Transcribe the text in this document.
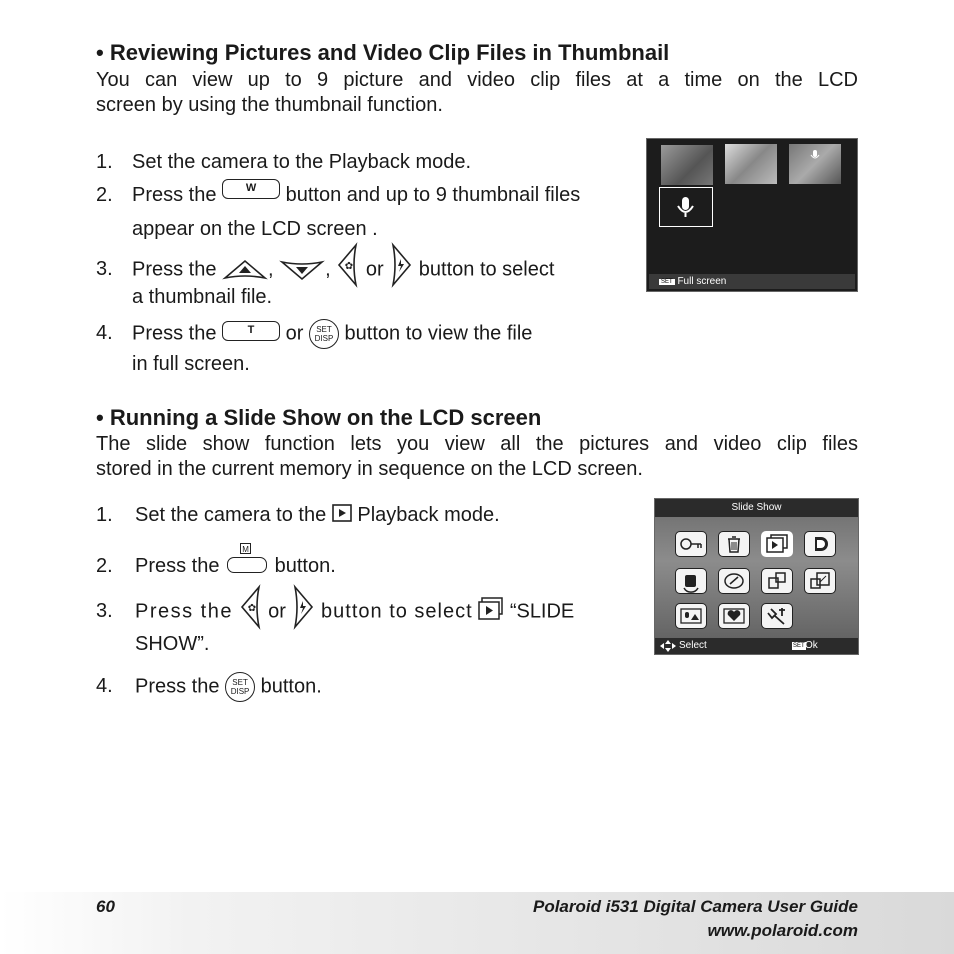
• Reviewing Pictures and Video Clip Files in Thumbnail
You can view up to 9 picture and video clip files at a time on the LCD
screen by using the thumbnail function.
1. Set the camera to the Playback mode.
2. Press the	W button and up to 9 thumbnail files
appear on the LCD screen .
3. Press the	,	, ✿ or button to select
a thumbnail file.
4. Press the	T or	SET
DISP button to view the file
in full screen.
SET Full screen
• Running a Slide Show on the LCD screen
The slide show function lets you view all the pictures and video clip files
stored in the current memory in sequence on the LCD screen.
1. Set the camera to the Playback mode.
2. Press the
M
button.
3. Press the ✿ or button to select “SLIDE
SHOW”.
4. Press the	SET
DISP button.
Slide Show
Select	SET Ok
60	Polaroid i531 Digital Camera User Guide
www.polaroid.com
